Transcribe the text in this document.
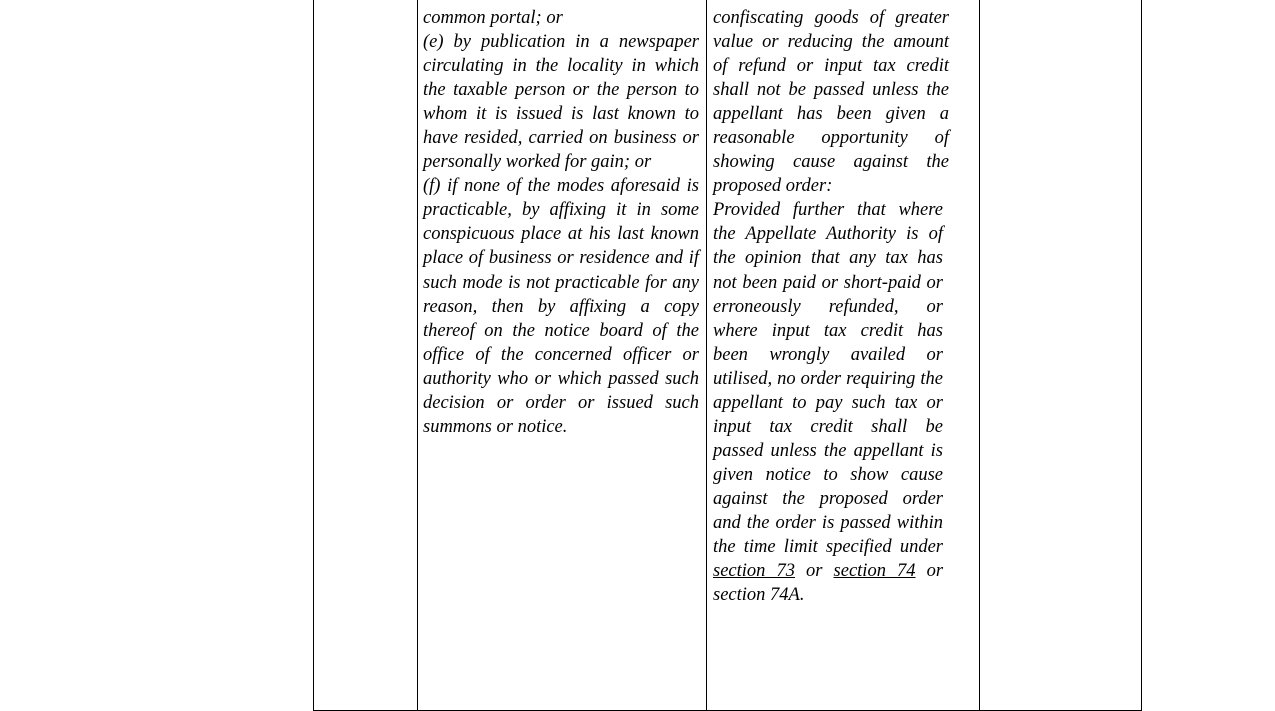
common portal; or

(e) by publication in a newspaper circulating in the locality in which the taxable person or the person to whom it is issued is last known to have resided, carried on business or personally worked for gain; or

(f) if none of the modes aforesaid is practicable, by affixing it in some conspicuous place at his last known place of business or residence and if such mode is not practicable for any reason, then by affixing a copy thereof on the notice board of the office of the concerned officer or authority who or which passed such decision or order or issued such summons or notice.

confiscating goods of greater value or reducing the amount of refund or input tax credit shall not be passed unless the appellant has been given a reasonable opportunity of showing cause against the proposed order:

Provided further that where the Appellate Authority is of the opinion that any tax has not been paid or short-paid or erroneously refunded, or where input tax credit has been wrongly availed or utilised, no order requiring the appellant to pay such tax or input tax credit shall be passed unless the appellant is given notice to show cause against the proposed order and the order is passed within the time limit specified under section 73 or section 74 or section 74A.
